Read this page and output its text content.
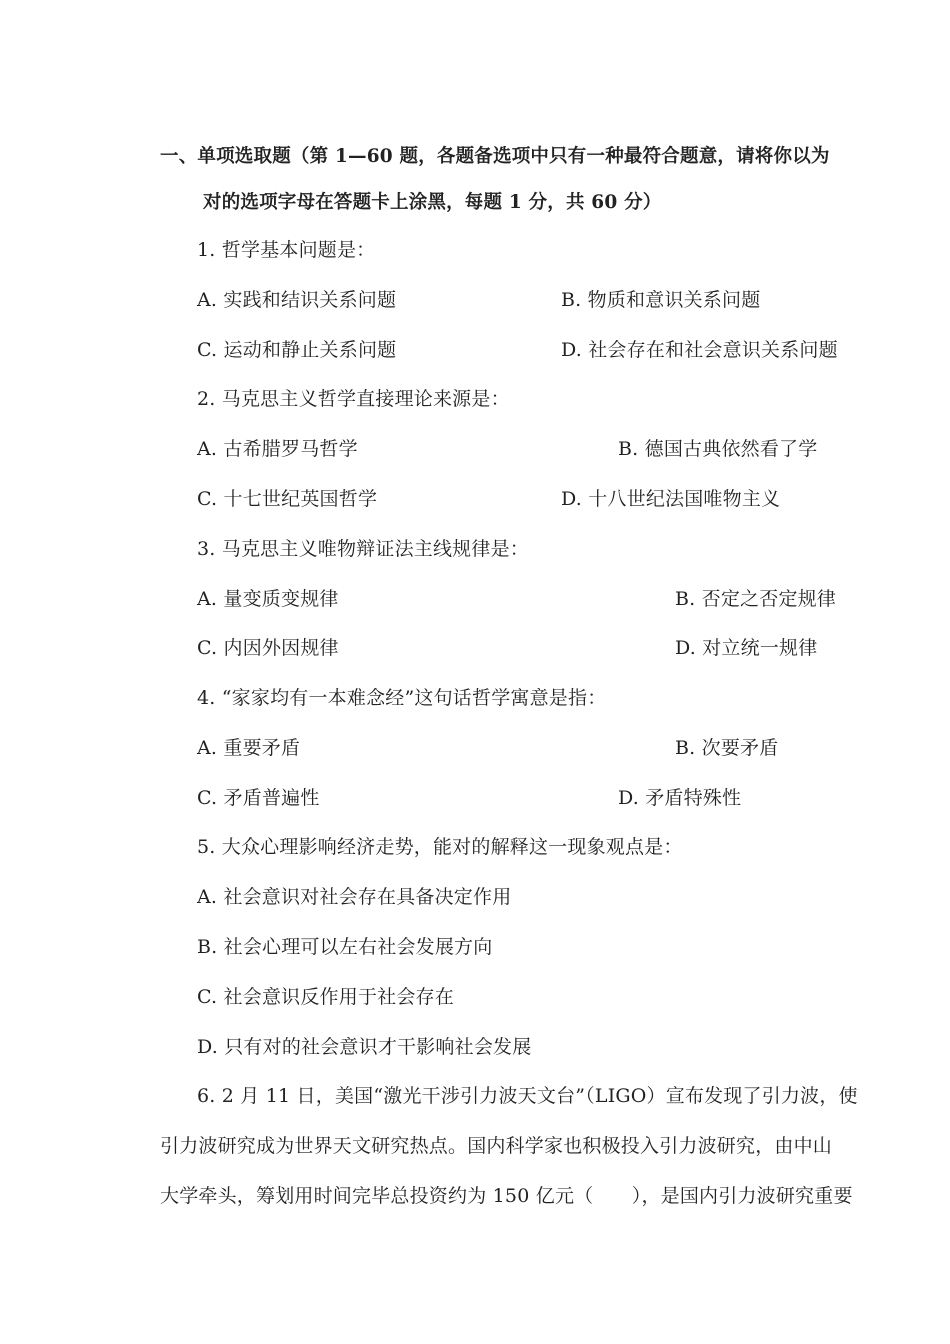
一、单项选取题（第 1—60 题，各题备选项中只有一种最符合题意，请将你以为
对的选项字母在答题卡上涂黑，每题 1 分，共 60 分）
1. 哲学基本问题是：
A. 实践和结识关系问题	B. 物质和意识关系问题
C. 运动和静止关系问题	D. 社会存在和社会意识关系问题
2. 马克思主义哲学直接理论来源是：
A. 古希腊罗马哲学	B. 德国古典依然看了学
C. 十七世纪英国哲学	D. 十八世纪法国唯物主义
3. 马克思主义唯物辩证法主线规律是：
A. 量变质变规律	B. 否定之否定规律
C. 内因外因规律	D. 对立统一规律
4. “家家均有一本难念经”这句话哲学寓意是指：
A. 重要矛盾	B. 次要矛盾
C. 矛盾普遍性	D. 矛盾特殊性
5. 大众心理影响经济走势，能对的解释这一现象观点是：
A. 社会意识对社会存在具备决定作用
B. 社会心理可以左右社会发展方向
C. 社会意识反作用于社会存在
D. 只有对的社会意识才干影响社会发展
6. 2 月 11 日，美国“激光干涉引力波天文台”（LIGO）宣布发现了引力波，使
引力波研究成为世界天文研究热点。国内科学家也积极投入引力波研究，由中山
大学牵头，筹划用时间完毕总投资约为 150 亿元（　　），是国内引力波研究重要
